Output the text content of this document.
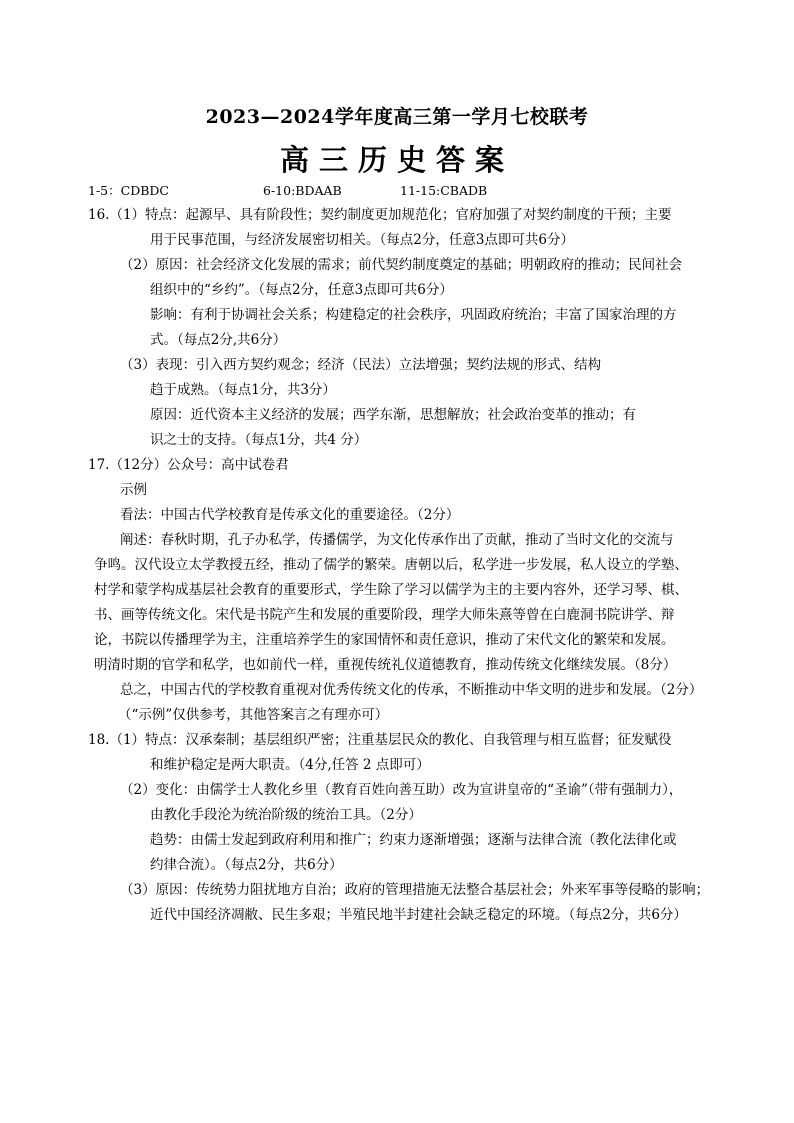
2023—2024学年度高三第一学月七校联考
高三历史答案
1-5：CDBDC	6-10:BDAAB	11-15:CBADB
16.（1）特点：起源早、具有阶段性；契约制度更加规范化；官府加强了对契约制度的干预；主要
用于民事范围，与经济发展密切相关。（每点2分，任意3点即可共6分）
（2）原因：社会经济文化发展的需求；前代契约制度奠定的基础；明朝政府的推动；民间社会
组织中的“乡约”。（每点2分，任意3点即可共6分）
影响：有利于协调社会关系；构建稳定的社会秩序，巩固政府统治；丰富了国家治理的方
式。（每点2分,共6分）
（3）表现：引入西方契约观念；经济（民法）立法增强；契约法规的形式、结构
趋于成熟。（每点1分，共3分）
原因：近代资本主义经济的发展；西学东渐，思想解放；社会政治变革的推动；有
识之士的支持。（每点1分，共4 分）
17.（12分）公众号：高中试卷君
示例
看法：中国古代学校教育是传承文化的重要途径。（2分）
阐述：春秋时期，孔子办私学，传播儒学，为文化传承作出了贡献，推动了当时文化的交流与
争鸣。汉代设立太学教授五经，推动了儒学的繁荣。唐朝以后，私学进一步发展，私人设立的学塾、
村学和蒙学构成基层社会教育的重要形式，学生除了学习以儒学为主的主要内容外，还学习琴、棋、
书、画等传统文化。宋代是书院产生和发展的重要阶段，理学大师朱熹等曾在白鹿洞书院讲学、辩
论，书院以传播理学为主，注重培养学生的家国情怀和责任意识，推动了宋代文化的繁荣和发展。
明清时期的官学和私学，也如前代一样，重视传统礼仪道德教育，推动传统文化继续发展。（8分）
总之，中国古代的学校教育重视对优秀传统文化的传承，不断推动中华文明的进步和发展。（2分）
（“示例”仅供参考，其他答案言之有理亦可）
18.（1）特点：汉承秦制；基层组织严密；注重基层民众的教化、自我管理与相互监督；征发赋役
和维护稳定是两大职责。（4分,任答 2 点即可）
（2）变化：由儒学士人教化乡里（教育百姓向善互助）改为宣讲皇帝的“圣谕”（带有强制力），
由教化手段沦为统治阶级的统治工具。（2分）
趋势：由儒士发起到政府利用和推广；约束力逐渐增强；逐渐与法律合流（教化法律化或
约律合流）。（每点2分，共6分）
（3）原因：传统势力阻扰地方自治；政府的管理措施无法整合基层社会；外来军事等侵略的影响；
近代中国经济凋敝、民生多艰；半殖民地半封建社会缺乏稳定的环境。（每点2分，共6分）
